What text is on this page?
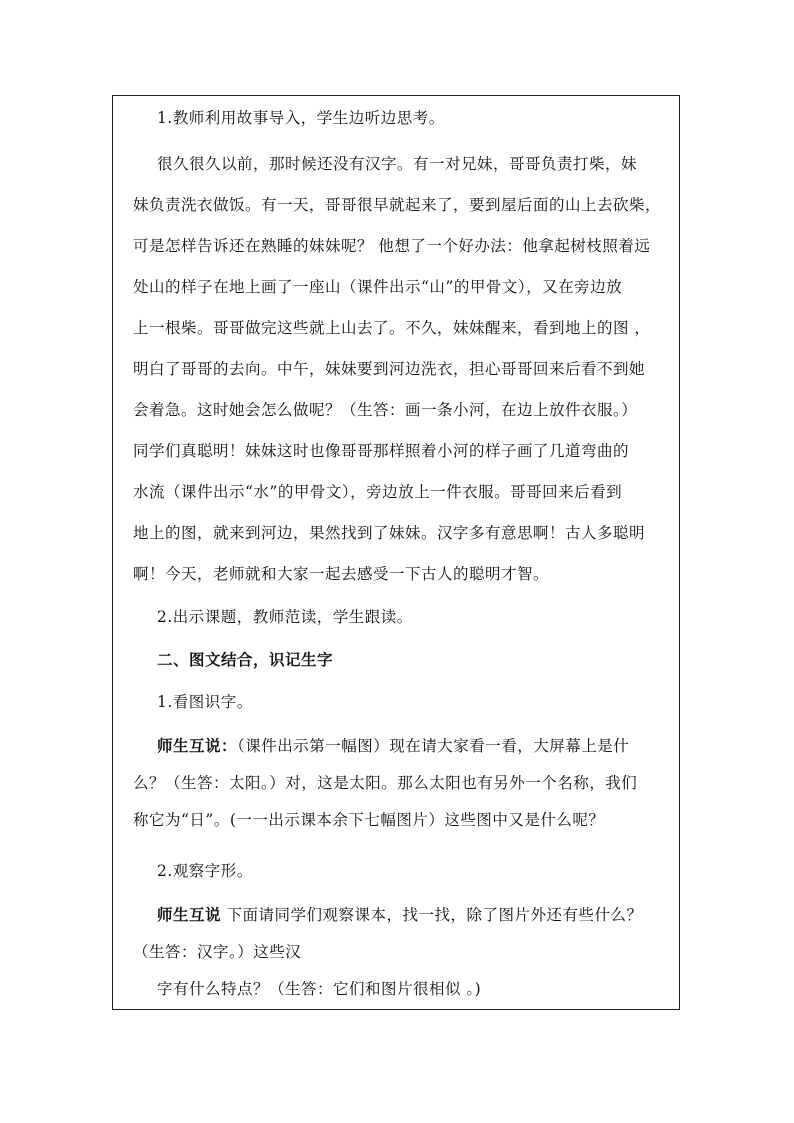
1.教师利用故事导入，学生边听边思考。

很久很久以前，那时候还没有汉字。有一对兄妹，哥哥负责打柴，妹

妹负责洗衣做饭。有一天，哥哥很早就起来了，要到屋后面的山上去砍柴，

可是怎样告诉还在熟睡的妹妹呢？ 他想了一个好办法：他拿起树枝照着远

处山的样子在地上画了一座山（课件出示“山”的甲骨文），又在旁边放

上一根柴。哥哥做完这些就上山去了。不久，妹妹醒来，看到地上的图 ，

明白了哥哥的去向。中午，妹妹要到河边洗衣，担心哥哥回来后看不到她

会着急。这时她会怎么做呢？（生答：画一条小河，在边上放件衣服。）

同学们真聪明！妹妹这时也像哥哥那样照着小河的样子画了几道弯曲的

水流（课件出示“水”的甲骨文），旁边放上一件衣服。哥哥回来后看到

地上的图，就来到河边，果然找到了妹妹。汉字多有意思啊！古人多聪明

啊！今天，老师就和大家一起去感受一下古人的聪明才智。

2.出示课题，教师范读，学生跟读。

二、图文结合，识记生字

1.看图识字。

师生互说：（课件出示第一幅图）现在请大家看一看，大屏幕上是什

么？（生答：太阳。）对，这是太阳。那么太阳也有另外一个名称，我们

称它为“日”。(一一出示课本余下七幅图片）这些图中又是什么呢？

2.观察字形。

师生互说 下面请同学们观察课本，找一找，除了图片外还有些什么？

（生答：汉字。）这些汉

字有什么特点？（生答：它们和图片很相似 。)
